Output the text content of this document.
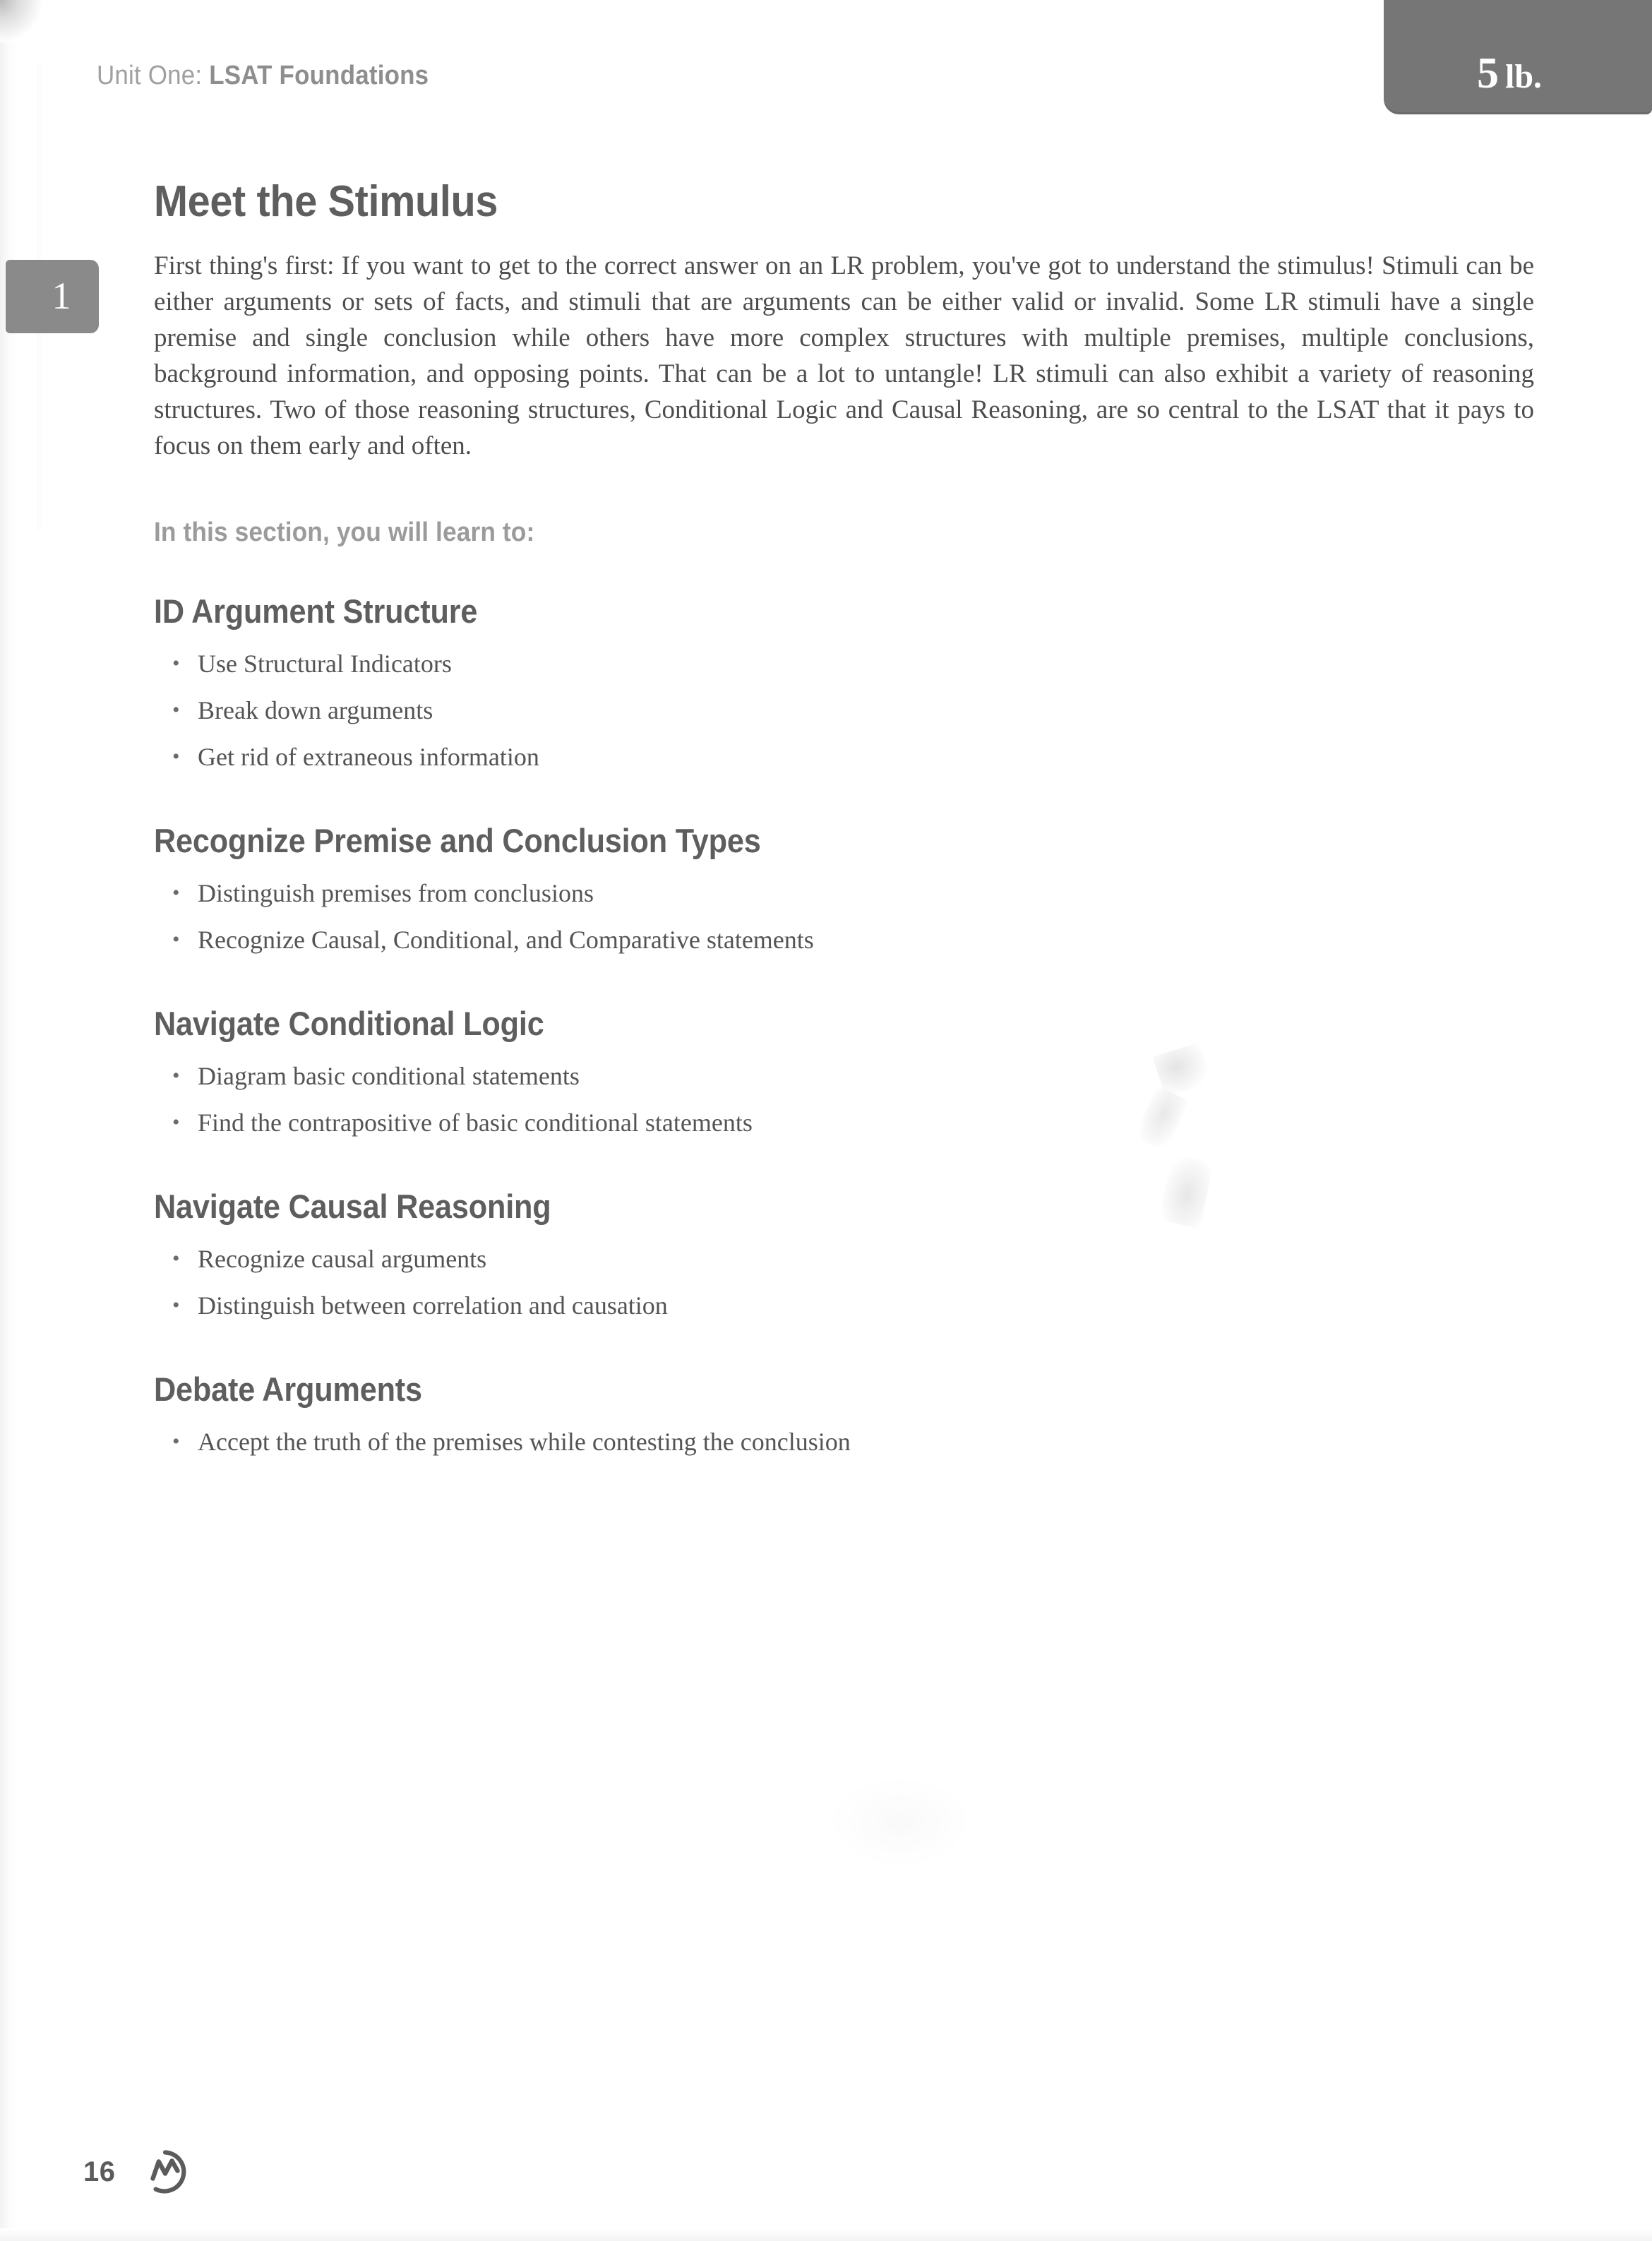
Unit One: LSAT Foundations	5 lb.
1
Meet the Stimulus

First thing's first: If you want to get to the correct answer on an LR problem, you've got to understand the stimulus! Stimuli can be either arguments or sets of facts, and stimuli that are arguments can be either valid or invalid. Some LR stimuli have a single premise and single conclusion while others have more complex structures with multiple premises, multiple conclusions, background information, and opposing points. That can be a lot to untangle! LR stimuli can also exhibit a variety of reasoning structures. Two of those reasoning structures, Conditional Logic and Causal Reasoning, are so central to the LSAT that it pays to focus on them early and often.

In this section, you will learn to:
ID Argument Structure
• Use Structural Indicators
• Break down arguments
• Get rid of extraneous information
Recognize Premise and Conclusion Types
• Distinguish premises from conclusions
• Recognize Causal, Conditional, and Comparative statements
Navigate Conditional Logic
• Diagram basic conditional statements
• Find the contrapositive of basic conditional statements
Navigate Causal Reasoning
• Recognize causal arguments
• Distinguish between correlation and causation
Debate Arguments
• Accept the truth of the premises while contesting the conclusion
16
